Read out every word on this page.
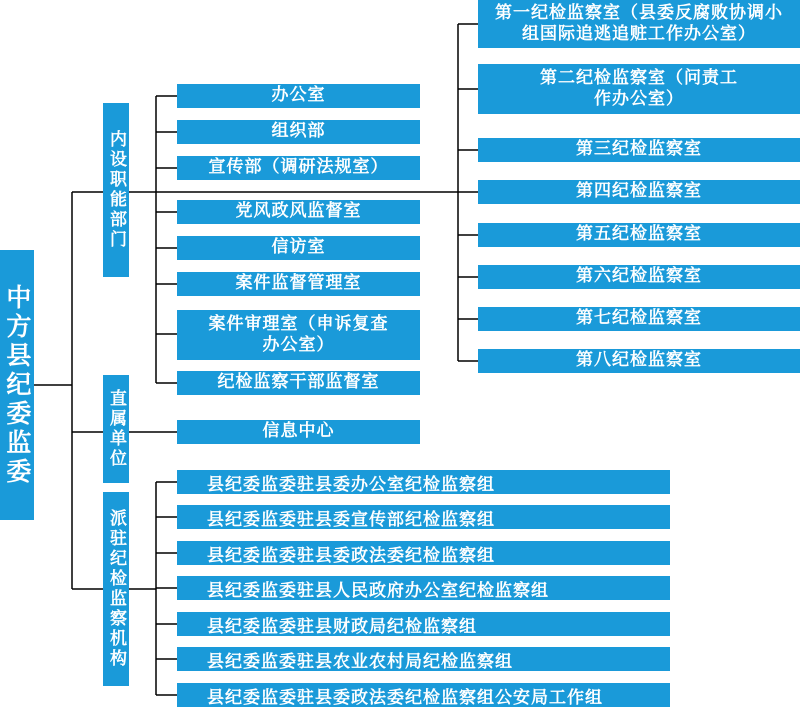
中方县纪委监委
内设职能部门
直属单位
派驻纪检监察机构
办公室
组织部
宣传部（调研法规室）
党风政风监督室
信访室
案件监督管理室
案件审理室（申诉复查办公室）
纪检监察干部监督室
第一纪检监察室（县委反腐败协调小组国际追逃追赃工作办公室）
第二纪检监察室（问责工作办公室）
第三纪检监察室
第四纪检监察室
第五纪检监察室
第六纪检监察室
第七纪检监察室
第八纪检监察室
信息中心
县纪委监委驻县委办公室纪检监察组
县纪委监委驻县委宣传部纪检监察组
县纪委监委驻县委政法委纪检监察组
县纪委监委驻县人民政府办公室纪检监察组
县纪委监委驻县财政局纪检监察组
县纪委监委驻县农业农村局纪检监察组
县纪委监委驻县委政法委纪检监察组公安局工作组
